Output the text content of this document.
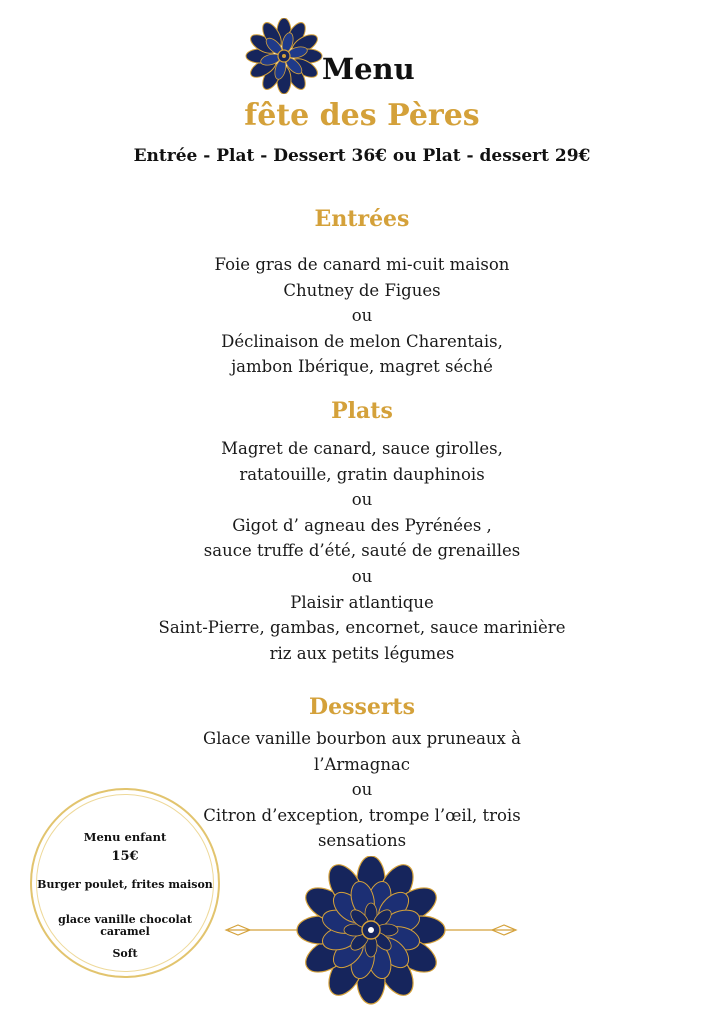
Menu
fête des Pères
Entrée - Plat - Dessert 36€ ou Plat - dessert 29€
Entrées
Foie gras de canard mi-cuit maison
Chutney de Figues
ou
Déclinaison de melon Charentais,
jambon Ibérique, magret séché
Plats
Magret de canard, sauce girolles,
ratatouille, gratin dauphinois
ou
Gigot d’ agneau des Pyrénées ,
sauce truffe d’été, sauté de grenailles
ou
Plaisir atlantique
Saint-Pierre, gambas, encornet, sauce marinière
riz aux petits légumes
Desserts
Glace vanille bourbon aux pruneaux à
l’Armagnac
ou
Citron d’exception, trompe l’œil, trois
sensations
Menu enfant
15€
Burger poulet, frites maison
glace vanille chocolat
caramel
Soft
